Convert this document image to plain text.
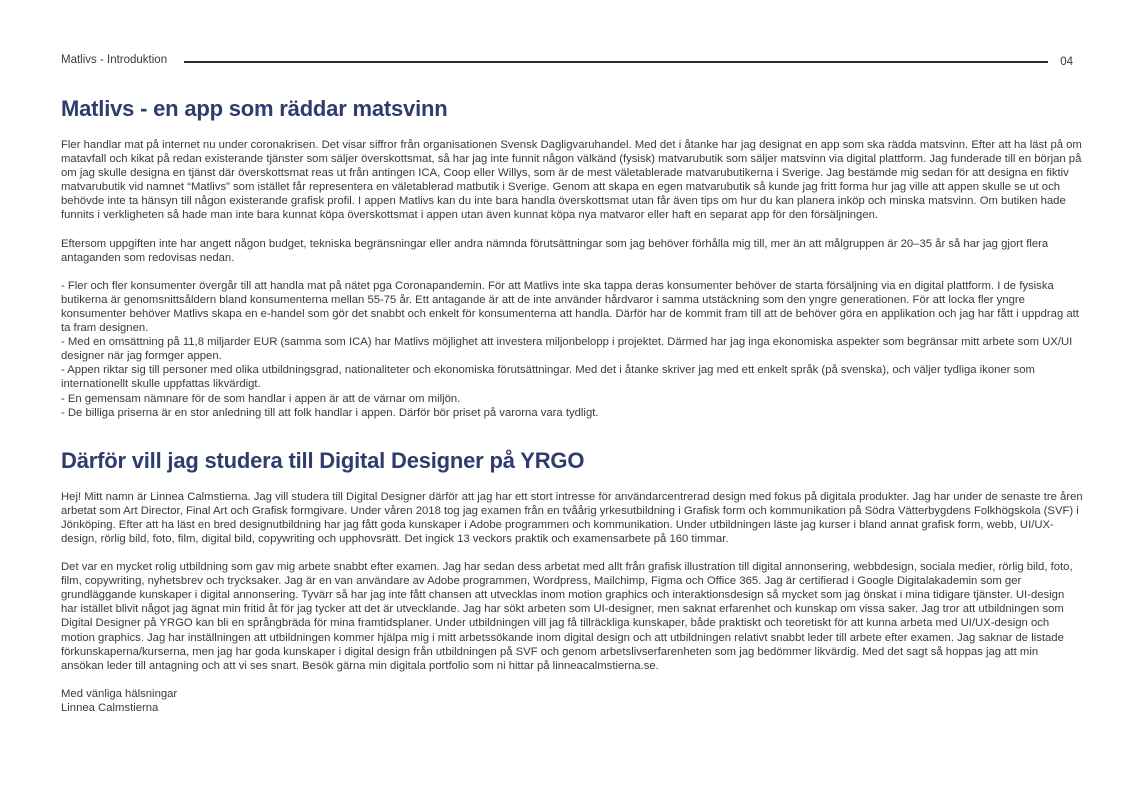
Matlivs - Introduktion	04
Matlivs - en app som räddar matsvinn

Fler handlar mat på internet nu under coronakrisen. Det visar siffror från organisationen Svensk Dagligvaruhandel. Med det i åtanke har jag designat en app som ska rädda matsvinn. Efter att ha läst på om matavfall och kikat på redan existerande tjänster som säljer överskottsmat, så har jag inte funnit någon välkänd (fysisk) matvarubutik som säljer matsvinn via digital plattform. Jag funderade till en början på om jag skulle designa en tjänst där överskottsmat reas ut från antingen ICA, Coop eller Willys, som är de mest väletablerade matvarubutikerna i Sverige. Jag bestämde mig sedan för att designa en fiktiv matvarubutik vid namnet “Matlivs” som istället får representera en väletablerad matbutik i Sverige. Genom att skapa en egen matvarubutik så kunde jag fritt forma hur jag ville att appen skulle se ut och behövde inte ta hänsyn till någon existerande grafisk profil. I appen Matlivs kan du inte bara handla överskottsmat utan får även tips om hur du kan planera inköp och minska matsvinn. Om butiken hade funnits i verkligheten så hade man inte bara kunnat köpa överskottsmat i appen utan även kunnat köpa nya matvaror eller haft en separat app för den försäljningen.

Eftersom uppgiften inte har angett någon budget, tekniska begränsningar eller andra nämnda förutsättningar som jag behöver förhålla mig till, mer än att målgruppen är 20–35 år så har jag gjort flera antaganden som redovisas nedan.

- Fler och fler konsumenter övergår till att handla mat på nätet pga Coronapandemin. För att Matlivs inte ska tappa deras konsumenter behöver de starta försäljning via en digital plattform. I de fysiska butikerna är genomsnittsåldern bland konsumenterna mellan 55-75 år. Ett antagande är att de inte använder hårdvaror i samma utstäckning som den yngre generationen. För att locka fler yngre konsumenter behöver Matlivs skapa en e-handel som gör det snabbt och enkelt för konsumenterna att handla. Därför har de kommit fram till att de behöver göra en applikation och jag har fått i uppdrag att ta fram designen.
- Med en omsättning på 11,8 miljarder EUR (samma som ICA) har Matlivs möjlighet att investera miljonbelopp i projektet. Därmed har jag inga ekonomiska aspekter som begränsar mitt arbete som UX/UI designer när jag formger appen.
- Appen riktar sig till personer med olika utbildningsgrad, nationaliteter och ekonomiska förutsättningar. Med det i åtanke skriver jag med ett enkelt språk (på svenska), och väljer tydliga ikoner som internationellt skulle uppfattas likvärdigt.
- En gemensam nämnare för de som handlar i appen är att de värnar om miljön.
- De billiga priserna är en stor anledning till att folk handlar i appen. Därför bör priset på varorna vara tydligt.
Därför vill jag studera till Digital Designer på YRGO

Hej! Mitt namn är Linnea Calmstierna. Jag vill studera till Digital Designer därför att jag har ett stort intresse för användarcentrerad design med fokus på digitala produkter. Jag har under de senaste tre åren arbetat som Art Director, Final Art och Grafisk formgivare. Under våren 2018 tog jag examen från en tvåårig yrkesutbildning i Grafisk form och kommunikation på Södra Vätterbygdens Folkhögskola (SVF) i Jönköping. Efter att ha läst en bred designutbildning har jag fått goda kunskaper i Adobe programmen och kommunikation. Under utbildningen läste jag kurser i bland annat grafisk form, webb, UI/UX-design, rörlig bild, foto, film, digital bild, copywriting och upphovsrätt. Det ingick 13 veckors praktik och examensarbete på 160 timmar.

Det var en mycket rolig utbildning som gav mig arbete snabbt efter examen. Jag har sedan dess arbetat med allt från grafisk illustration till digital annonsering, webbdesign, sociala medier, rörlig bild, foto, film, copywriting, nyhetsbrev och trycksaker. Jag är en van användare av Adobe programmen, Wordpress, Mailchimp, Figma och Office 365. Jag är certifierad i Google Digitalakademin som ger grundläggande kunskaper i digital annonsering. Tyvärr så har jag inte fått chansen att utvecklas inom motion graphics och interaktionsdesign så mycket som jag önskat i mina tidigare tjänster. UI-design har istället blivit något jag ägnat min fritid åt för jag tycker att det är utvecklande. Jag har sökt arbeten som UI-designer, men saknat erfarenhet och kunskap om vissa saker. Jag tror att utbildningen som Digital Designer på YRGO kan bli en språngbräda för mina framtidsplaner. Under utbildningen vill jag få tillräckliga kunskaper, både praktiskt och teoretiskt för att kunna arbeta med UI/UX-design och motion graphics. Jag har inställningen att utbildningen kommer hjälpa mig i mitt arbetssökande inom digital design och att utbildningen relativt snabbt leder till arbete efter examen. Jag saknar de listade förkunskaperna/kurserna, men jag har goda kunskaper i digital design från utbildningen på SVF och genom arbetslivserfarenheten som jag bedömmer likvärdig. Med det sagt så hoppas jag att min ansökan leder till antagning och att vi ses snart. Besök gärna min digitala portfolio som ni hittar på linneacalmstierna.se.

Med vänliga hälsningar
Linnea Calmstierna
